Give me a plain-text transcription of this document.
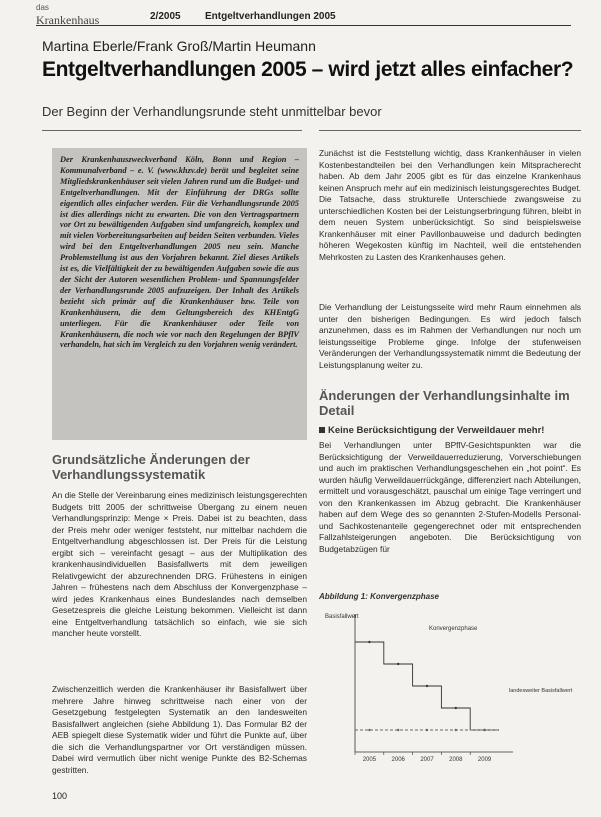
das
Krankenhaus	2/2005 Entgeltverhandlungen 2005
Martina Eberle/Frank Groß/Martin Heumann
Entgeltverhandlungen 2005 – wird jetzt alles einfacher?
Der Beginn der Verhandlungsrunde steht unmittelbar bevor

Der Krankenhauszweckverband Köln, Bonn und Region – Kommunalverband – e. V. (www.khzv.de) berät und begleitet seine Mitgliedskrankenhäuser seit vielen Jahren rund um die Budget- und Entgeltverhandlungen. Mit der Einführung der DRGs sollte eigentlich alles einfacher werden. Für die Verhandlungsrunde 2005 ist dies allerdings nicht zu erwarten. Die von den Vertragspartnern vor Ort zu bewältigenden Aufgaben sind umfangreich, komplex und mit vielen Vorbereitungsarbeiten auf beiden Seiten verbunden. Vieles wird bei den Entgeltverhandlungen 2005 neu sein. Manche Problemstellung ist aus den Vorjahren bekannt. Ziel dieses Artikels ist es, die Vielfältigkeit der zu bewältigenden Aufgaben sowie die aus der Sicht der Autoren wesentlichen Problem- und Spannungsfelder der Verhandlungsrunde 2005 aufzuzeigen. Der Inhalt des Artikels bezieht sich primär auf die Krankenhäuser bzw. Teile von Krankenhäusern, die dem Geltungsbereich des KHEntgG unterliegen. Für die Krankenhäuser oder Teile von Krankenhäusern, die noch wie vor nach den Regelungen der BPflV verhandeln, hat sich im Vergleich zu den Vorjahren wenig verändert.

Grundsätzliche Änderungen der Verhandlungssystematik

An die Stelle der Vereinbarung eines medizinisch leistungsgerechten Budgets tritt 2005 der schrittweise Übergang zu einem neuen Verhandlungsprinzip: Menge × Preis. Dabei ist zu beachten, dass der Preis mehr oder weniger feststeht, nur mittelbar nachdem die Entgeltverhandlung abgeschlossen ist. Der Preis für die Leistung ergibt sich – vereinfacht gesagt – aus der Multiplikation des krankenhausindividuellen Basisfallwerts mit dem jeweiligen Relativgewicht der abzurechnenden DRG. Frühestens in einigen Jahren – frühestens nach dem Abschluss der Konvergenzphase – wird jedes Krankenhaus eines Bundeslandes nach demselben Gesetzespreis die gleiche Leistung bekommen. Vielleicht ist dann eine Entgeltverhandlung tatsächlich so einfach, wie sie sich mancher heute vorstellt.

Zwischenzeitlich werden die Krankenhäuser ihr Basisfallwert über mehrere Jahre hinweg schrittweise nach einer von der Gesetzgebung festgelegten Systematik an den landesweiten Basisfallwert angleichen (siehe Abbildung 1). Das Formular B2 der AEB spiegelt diese Systematik wider und führt die Punkte auf, über die sich die Verhandlungspartner vor Ort verständigen müssen. Dabei wird vermutlich über nicht wenige Punkte des B2-Schemas gestritten.

Zunächst ist die Feststellung wichtig, dass Krankenhäuser in vielen Kostenbestandteilen bei den Verhandlungen kein Mitspracherecht haben. Ab dem Jahr 2005 gibt es für das einzelne Krankenhaus keinen Anspruch mehr auf ein medizinisch leistungsgerechtes Budget. Die Tatsache, dass strukturelle Unterschiede zwangsweise zu unterschiedlichen Kosten bei der Leistungserbringung führen, bleibt in dem neuen System unberücksichtigt. So sind beispielsweise Krankenhäuser mit einer Pavillonbauweise und dadurch bedingten höheren Wegekosten künftig im Nachteil, weil die entstehenden Mehrkosten zu Lasten des Krankenhauses gehen.

Die Verhandlung der Leistungsseite wird mehr Raum einnehmen als unter den bisherigen Bedingungen. Es wird jedoch falsch anzunehmen, dass es im Rahmen der Verhandlungen nur noch um leistungsseitige Probleme ginge. Infolge der stufenweisen Veränderungen der Verhandlungssystematik nimmt die Bedeutung der Leistungsplanung weiter zu.

Änderungen der Verhandlungsinhalte im Detail

Keine Berücksichtigung der Verweildauer mehr!

Bei Verhandlungen unter BPflV-Gesichtspunkten war die Berücksichtigung der Verweildauerreduzierung, Vorverschiebungen und auch im praktischen Verhandlungsgeschehen ein „hot point“. Es wurden häufig Verweildauerrückgänge, differenziert nach Abteilungen, ermittelt und vorausgeschätzt, pauschal um einige Tage verringert und von den Krankenkassen im Abzug gebracht. Die Krankenhäuser haben auf dem Wege des so genannten 2-Stufen-Modells Personal- und Sachkostenanteile gegengerechnet oder mit entsprechenden Fallzahlsteigerungen angeboten. Die Berücksichtigung von Budgetabzügen für

Abbildung 1: Konvergenzphase
Basisfallwert
Konvergenzphase
landesweiter Basisfallwert
2005	2006	2007	2008	2009
100
